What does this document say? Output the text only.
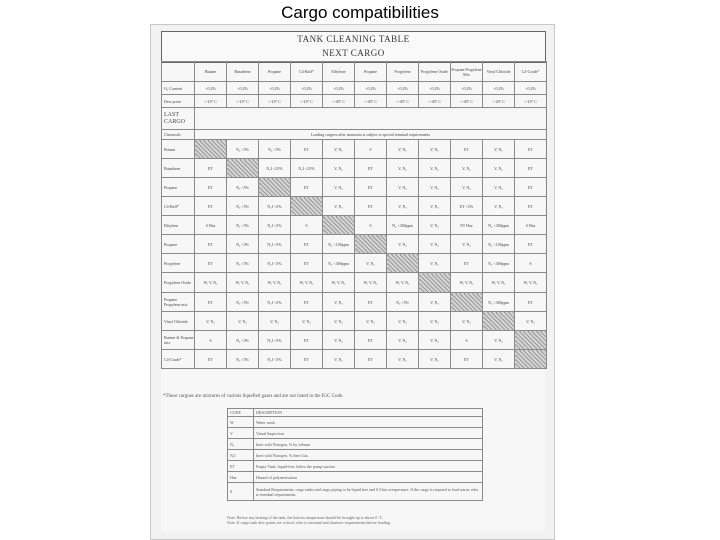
Cargo compatibilities
TANK CLEANING TABLE
NEXT CARGO
	Butane	Butadiene	Propane	C4-Raff*	Ethylene	Propane	Propylene	Propylene Oxide	Propane Propylene Mix	Vinyl Chloride	C4-Crude*
O₂ Content	<0.2%	<0.2%	<0.2%	<0.2%	<0.2%	<0.2%	<0.2%	<0.2%	<0.2%	<0.2%	<0.2%
Dew point	<-10° C	<-10° C	<-10° C	<-10° C	<-40° C	<-40° C	<-40° C	<-40° C	<-40° C	<-20° C	<-10° C
LAST CARGO											
Chemicals	Loading cargoes after ammonia is subject to special terminal requirements										
Butane		N₂ <5%	N₂ <5%	ET	V, N₂	S	V, N₂	V, N₂	ET	V, N₂	ET
Butadiene	ET		N₂I <25%	N₂I <25%	V, N₂	ET	V, N₂	V, N₂	V, N₂	V, N₂	ET
Propane	ET	N₂ <5%		ET	V, N₂	ET	V, N₂	V, N₂	V, N₂	V, N₂	ET
C4-Raff*	ET	N₂ <5%	N₂I <5%		V, N₂	ET	V, N₂	V, N₂	ET <5%	V, N₂	ET
Ethylene	S Haz	N₂ <5%	N₂I <5%	S		S	N₂ <300ppm	V, N₂	ET Haz	N₂ <300ppm	S Haz
Propane	ET	N₂ <5%	N₂I <5%	ET	N₂ <100ppm		V, N₂	V, N₂	V, N₂	N₂ <100ppm	ET
Propylene	ET	N₂ <5%	N₂I <5%	ET	N₂ <300ppm	V, N₂		V, N₂	ET	N₂ <300ppm	S
Propylene Oxide	W, V, N₂	W, V, N₂	W, V, N₂	W, V, N₂	W, V, N₂	W, V, N₂	W, V, N₂		W, V, N₂	W, V, N₂	W, V, N₂
Propane Propylene mix	ET	N₂ <5%	N₂I <5%	ET	V, N₂	ET	N₂ <5%	V, N₂		N₂ <300ppm	ET
Vinyl Chloride	V, N₂	V, N₂	V, N₂	V, N₂	V, N₂	V, N₂	V, N₂	V, N₂	V, N₂		V, N₂
Butene & Propane mix	S	N₂ <5%	N₂I <5%	ET	V, N₂	ET	V, N₂	V, N₂	S	V, N₂	
C4-Crude*	ET	N₂ <5%	N₂I <5%	ET	V, N₂	ET	V, N₂	V, N₂	ET	V, N₂	
*These cargoes are mixtures of various liquefied gases and are not listed in the IGC Code.
CODE	DESCRIPTION
W	Water wash
V	Visual Inspection
N₂	Inert with Nitrogen, % by volume
N₂I	Inert with Nitrogen, % Inert Gas
ET	Empty Tank, liquid-free, below the pump suction
Haz	Hazard of polymerisation
S	Standard Requirements: cargo tanks and cargo piping to be liquid free and 0.3 bar overpressure. If the cargo is required to load warm, refer to terminal requirements.
Note: Before any heating of the tank, the bottom temperature should be brought up to above 0 °C.
Note: If cargo tank dew points are critical, refer to terminal and charterer requirements before loading.
